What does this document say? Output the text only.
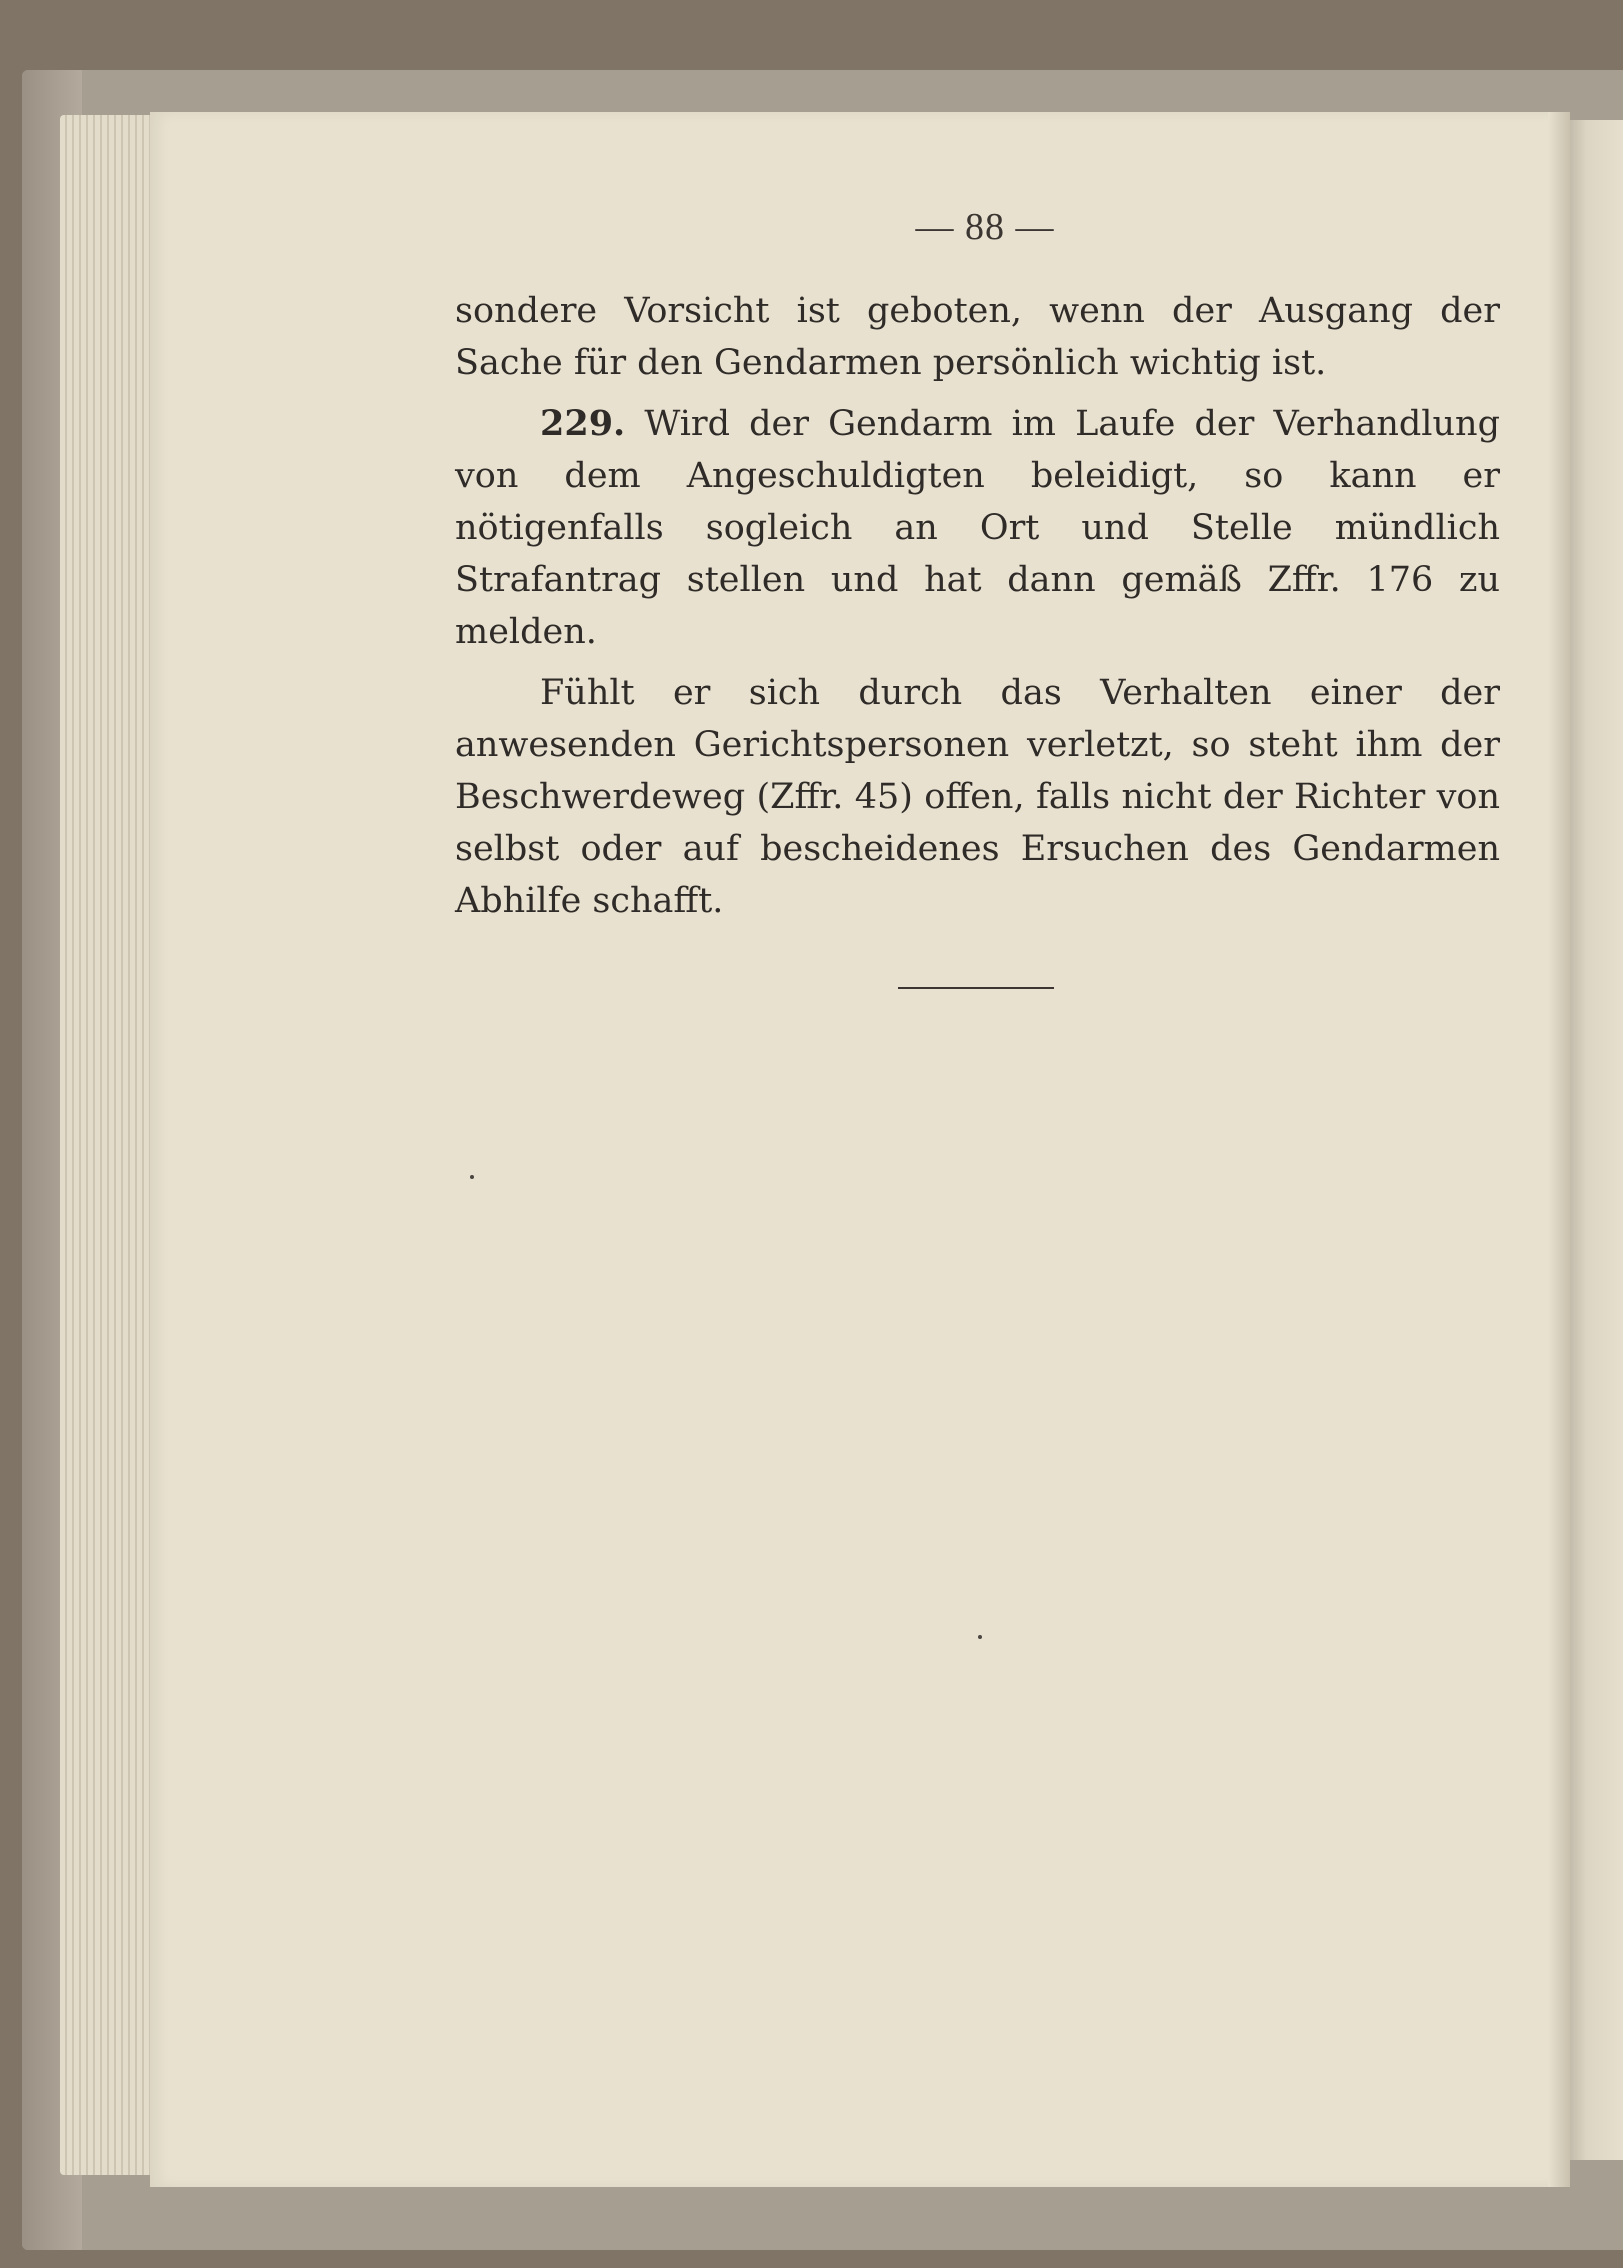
— 88 —

sondere Vorsicht ist geboten, wenn der Ausgang der Sache für den Gendarmen persönlich wichtig ist.

229. Wird der Gendarm im Laufe der Verhandlung von dem Angeschuldigten beleidigt, so kann er nötigenfalls sogleich an Ort und Stelle mündlich Strafantrag stellen und hat dann gemäß Zffr. 176 zu melden.

Fühlt er sich durch das Verhalten einer der anwesenden Gerichtspersonen verletzt, so steht ihm der Beschwerdeweg (Zffr. 45) offen, falls nicht der Richter von selbst oder auf bescheidenes Ersuchen des Gendarmen Abhilfe schafft.
